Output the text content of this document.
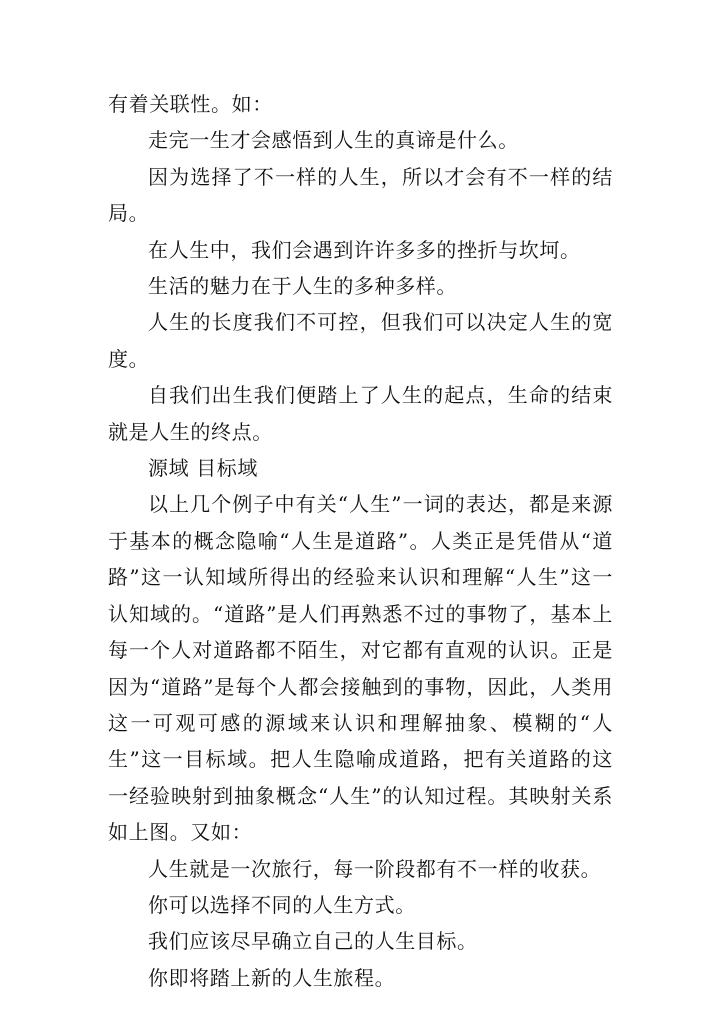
有着关联性。如：

走完一生才会感悟到人生的真谛是什么。

因为选择了不一样的人生，所以才会有不一样的结局。

在人生中，我们会遇到许许多多的挫折与坎坷。

生活的魅力在于人生的多种多样。

人生的长度我们不可控，但我们可以决定人生的宽度。

自我们出生我们便踏上了人生的起点，生命的结束就是人生的终点。

源域 目标域

以上几个例子中有关“人生”一词的表达，都是来源于基本的概念隐喻“人生是道路”。人类正是凭借从“道路”这一认知域所得出的经验来认识和理解“人生”这一认知域的。“道路”是人们再熟悉不过的事物了，基本上每一个人对道路都不陌生，对它都有直观的认识。正是因为“道路”是每个人都会接触到的事物，因此，人类用这一可观可感的源域来认识和理解抽象、模糊的“人生”这一目标域。把人生隐喻成道路，把有关道路的这一经验映射到抽象概念“人生”的认知过程。其映射关系如上图。又如：

人生就是一次旅行，每一阶段都有不一样的收获。

你可以选择不同的人生方式。

我们应该尽早确立自己的人生目标。

你即将踏上新的人生旅程。
